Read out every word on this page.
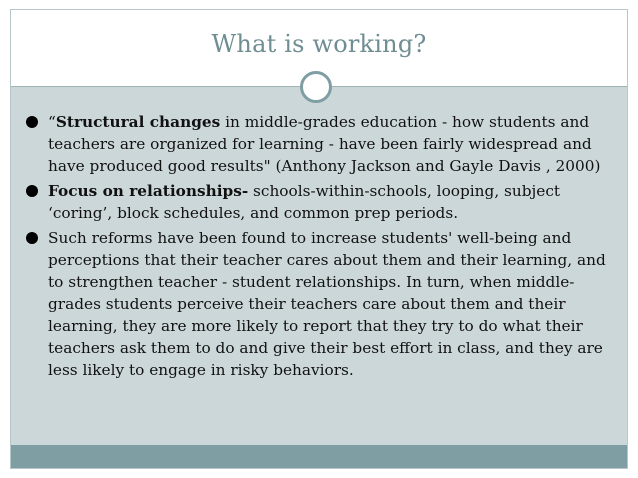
What is working?
“Structural changes in middle-grades education - how students and teachers are organized for learning - have been fairly widespread and have produced good results" (Anthony Jackson and Gayle Davis , 2000)
Focus on relationships- schools-within-schools, looping, subject ‘coring’, block schedules, and common prep periods.
Such reforms have been found to increase students' well-being and perceptions that their teacher cares about them and their learning, and to strengthen teacher - student relationships. In turn, when middle-grades students perceive their teachers care about them and their learning, they are more likely to report that they try to do what their teachers ask them to do and give their best effort in class, and they are less likely to engage in risky behaviors.
